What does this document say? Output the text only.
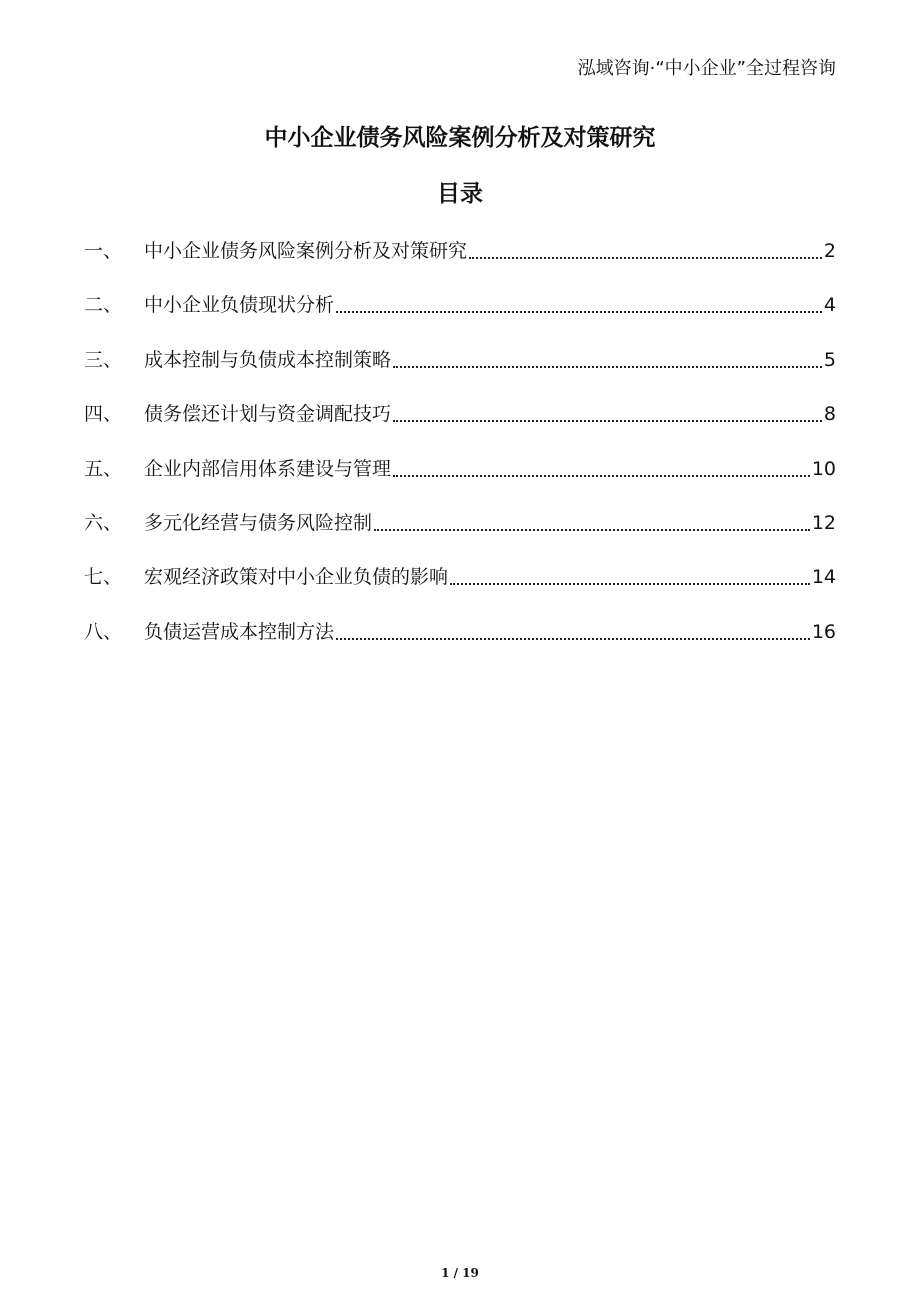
泓域咨询·“中小企业”全过程咨询
中小企业债务风险案例分析及对策研究
目录
一、	中小企业债务风险案例分析及对策研究	2
二、	中小企业负债现状分析	4
三、	成本控制与负债成本控制策略	5
四、	债务偿还计划与资金调配技巧	8
五、	企业内部信用体系建设与管理	10
六、	多元化经营与债务风险控制	12
七、	宏观经济政策对中小企业负债的影响	14
八、	负债运营成本控制方法	16
1 / 19
